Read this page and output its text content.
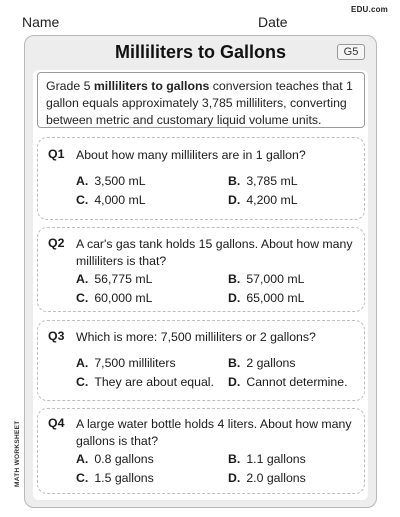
Name	Date
EDU.com
MATH WORKSHEET
Milliliters to Gallons	G5
Grade 5 milliliters to gallons conversion teaches that 1 gallon equals approximately 3,785 milliliters, converting between metric and customary liquid volume units.
Q1 About how many milliliters are in 1 gallon?
A. 3,500 mL	B. 3,785 mL
C. 4,000 mL	D. 4,200 mL
Q2 A car's gas tank holds 15 gallons. About how many milliliters is that?
A. 56,775 mL	B. 57,000 mL
C. 60,000 mL	D. 65,000 mL
Q3 Which is more: 7,500 milliliters or 2 gallons?
A. 7,500 milliliters	B. 2 gallons
C. They are about equal. D. Cannot determine.
Q4 A large water bottle holds 4 liters. About how many gallons is that?
A. 0.8 gallons	B. 1.1 gallons
C. 1.5 gallons	D. 2.0 gallons
